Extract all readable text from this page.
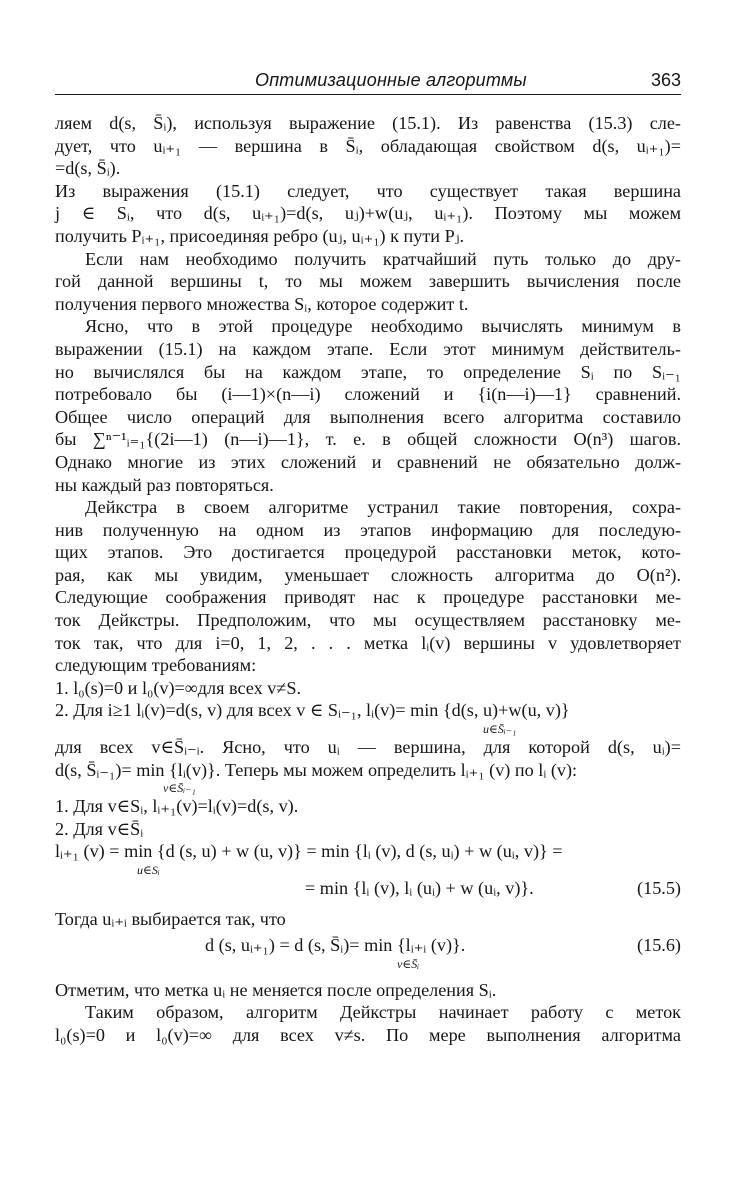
Оптимизационные алгоритмы	363
ляем d(s, S̄ᵢ), используя выражение (15.1). Из равенства (15.3) сле-
дует, что uᵢ₊₁ — вершина в S̄ᵢ, обладающая свойством d(s, uᵢ₊₁)=
=d(s, S̄ᵢ).
Из выражения (15.1) следует, что существует такая вершина
j ∈ Sᵢ, что d(s, uᵢ₊₁)=d(s, uⱼ)+w(uⱼ, uᵢ₊₁). Поэтому мы можем
получить Pᵢ₊₁, присоединяя ребро (uⱼ, uᵢ₊₁) к пути Pⱼ.
Если нам необходимо получить кратчайший путь только до дру-
гой данной вершины t, то мы можем завершить вычисления после
получения первого множества Sᵢ, которое содержит t.
Ясно, что в этой процедуре необходимо вычислять минимум в
выражении (15.1) на каждом этапе. Если этот минимум действитель-
но вычислялся бы на каждом этапе, то определение Sᵢ по Sᵢ₋₁
потребовало бы (i—1)×(n—i) сложений и {i(n—i)—1} сравнений.
Общее число операций для выполнения всего алгоритма составило
бы ∑ⁿ⁻¹ᵢ₌₁{(2i—1) (n—i)—1}, т. е. в общей сложности O(n³) шагов.
Однако многие из этих сложений и сравнений не обязательно долж-
ны каждый раз повторяться.
Дейкстра в своем алгоритме устранил такие повторения, сохра-
нив полученную на одном из этапов информацию для последую-
щих этапов. Это достигается процедурой расстановки меток, кото-
рая, как мы увидим, уменьшает сложность алгоритма до O(n²).
Следующие соображения приводят нас к процедуре расстановки ме-
ток Дейкстры. Предположим, что мы осуществляем расстановку ме-
ток так, что для i=0, 1, 2, . . . метка lᵢ(v) вершины v удовлетворяет
следующим требованиям:
1. l₀(s)=0 и l₀(v)=∞для всех v≠S.
2. Для i≥1 lᵢ(v)=d(s, v) для всех v ∈ Sᵢ₋₁, lᵢ(v)= min {d(s, u)+w(u, v)}
u∈S̄ᵢ₋₁
для всех v∈S̄ᵢ₋ᵢ. Ясно, что uᵢ — вершина, для которой d(s, uᵢ)=
d(s, S̄ᵢ₋₁)= min {lᵢ(v)}. Теперь мы можем определить lᵢ₊₁ (v) по lᵢ (v):
v∈S̄ᵢ₋₁
1. Для v∈Sᵢ, lᵢ₊₁(v)=lᵢ(v)=d(s, v).
2. Для v∈S̄ᵢ
lᵢ₊₁ (v) = min {d (s, u) + w (u, v)} = min {lᵢ (v), d (s, uᵢ) + w (uᵢ, v)} =
u∈Sᵢ
= min {lᵢ (v), lᵢ (uᵢ) + w (uᵢ, v)}.	(15.5)
Тогда uᵢ₊ᵢ выбирается так, что
d (s, uᵢ₊₁) = d (s, S̄ᵢ)= min {lᵢ₊ᵢ (v)}.	(15.6)
v∈S̄ᵢ
Отметим, что метка uᵢ не меняется после определения Sᵢ.
Таким образом, алгоритм Дейкстры начинает работу с меток
l₀(s)=0 и l₀(v)=∞ для всех v≠s. По мере выполнения алгоритма
